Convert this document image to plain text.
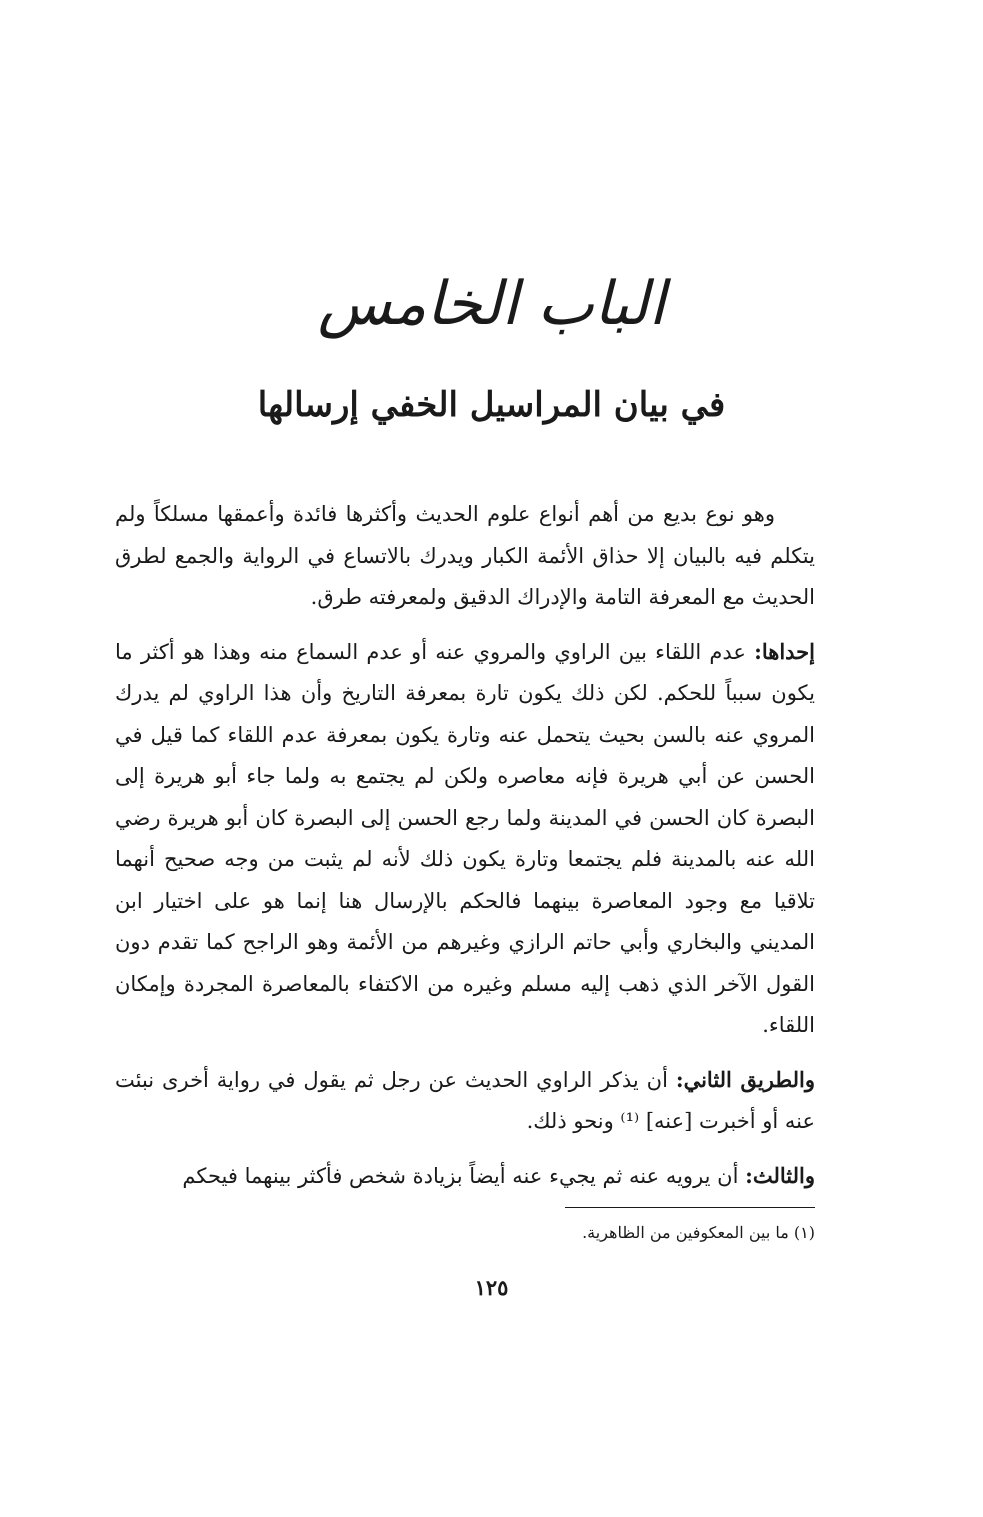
الباب الخامس
في بيان المراسيل الخفي إرسالها

وهو نوع بديع من أهم أنواع علوم الحديث وأكثرها فائدة وأعمقها مسلكاً ولم يتكلم فيه بالبيان إلا حذاق الأئمة الكبار ويدرك بالاتساع في الرواية والجمع لطرق الحديث مع المعرفة التامة والإدراك الدقيق ولمعرفته طرق.

إحداها: عدم اللقاء بين الراوي والمروي عنه أو عدم السماع منه وهذا هو أكثر ما يكون سبباً للحكم. لكن ذلك يكون تارة بمعرفة التاريخ وأن هذا الراوي لم يدرك المروي عنه بالسن بحيث يتحمل عنه وتارة يكون بمعرفة عدم اللقاء كما قيل في الحسن عن أبي هريرة فإنه معاصره ولكن لم يجتمع به ولما جاء أبو هريرة إلى البصرة كان الحسن في المدينة ولما رجع الحسن إلى البصرة كان أبو هريرة رضي الله عنه بالمدينة فلم يجتمعا وتارة يكون ذلك لأنه لم يثبت من وجه صحيح أنهما تلاقيا مع وجود المعاصرة بينهما فالحكم بالإرسال هنا إنما هو على اختيار ابن المديني والبخاري وأبي حاتم الرازي وغيرهم من الأئمة وهو الراجح كما تقدم دون القول الآخر الذي ذهب إليه مسلم وغيره من الاكتفاء بالمعاصرة المجردة وإمكان اللقاء.

والطريق الثاني: أن يذكر الراوي الحديث عن رجل ثم يقول في رواية أخرى نبئت عنه أو أخبرت [عنه] ⁽¹⁾ ونحو ذلك.

والثالث: أن يرويه عنه ثم يجيء عنه أيضاً بزيادة شخص فأكثر بينهما فيحكم

(١) ما بين المعكوفين من الظاهرية.
١٢٥
